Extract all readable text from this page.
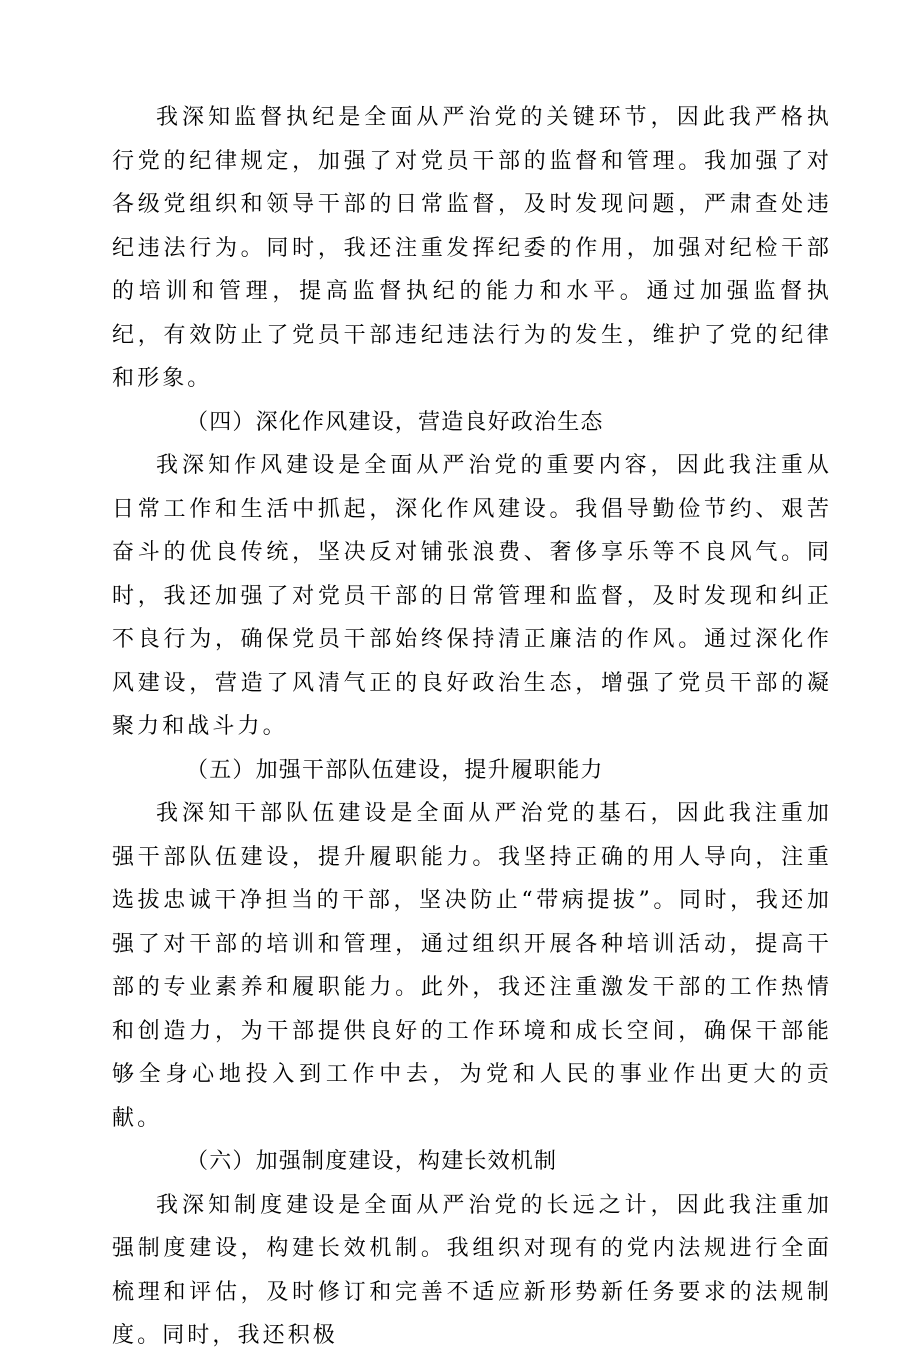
我深知监督执纪是全面从严治党的关键环节，因此我严格执行党的纪律规定，加强了对党员干部的监督和管理。我加强了对各级党组织和领导干部的日常监督，及时发现问题，严肃查处违纪违法行为。同时，我还注重发挥纪委的作用，加强对纪检干部的培训和管理，提高监督执纪的能力和水平。通过加强监督执纪，有效防止了党员干部违纪违法行为的发生，维护了党的纪律和形象。

（四）深化作风建设，营造良好政治生态

我深知作风建设是全面从严治党的重要内容，因此我注重从日常工作和生活中抓起，深化作风建设。我倡导勤俭节约、艰苦奋斗的优良传统，坚决反对铺张浪费、奢侈享乐等不良风气。同时，我还加强了对党员干部的日常管理和监督，及时发现和纠正不良行为，确保党员干部始终保持清正廉洁的作风。通过深化作风建设，营造了风清气正的良好政治生态，增强了党员干部的凝聚力和战斗力。

（五）加强干部队伍建设，提升履职能力

我深知干部队伍建设是全面从严治党的基石，因此我注重加强干部队伍建设，提升履职能力。我坚持正确的用人导向，注重选拔忠诚干净担当的干部，坚决防止“带病提拔”。同时，我还加强了对干部的培训和管理，通过组织开展各种培训活动，提高干部的专业素养和履职能力。此外，我还注重激发干部的工作热情和创造力，为干部提供良好的工作环境和成长空间，确保干部能够全身心地投入到工作中去，为党和人民的事业作出更大的贡献。

（六）加强制度建设，构建长效机制

我深知制度建设是全面从严治党的长远之计，因此我注重加强制度建设，构建长效机制。我组织对现有的党内法规进行全面梳理和评估，及时修订和完善不适应新形势新任务要求的法规制度。同时，我还积极
